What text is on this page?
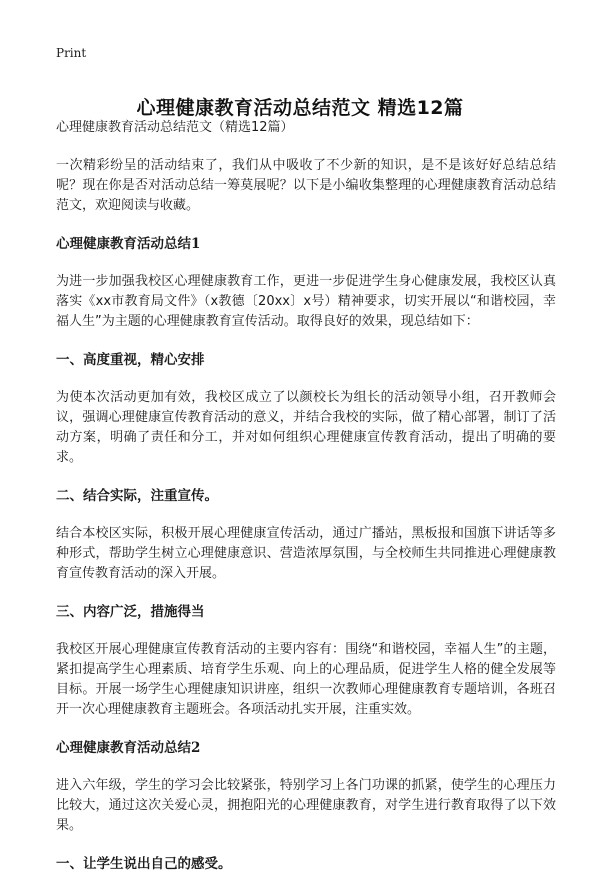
Print
心理健康教育活动总结范文 精选12篇
心理健康教育活动总结范文（精选12篇）

一次精彩纷呈的活动结束了，我们从中吸收了不少新的知识，是不是该好好总结总结呢？现在你是否对活动总结一筹莫展呢？以下是小编收集整理的心理健康教育活动总结范文，欢迎阅读与收藏。

心理健康教育活动总结1

为进一步加强我校区心理健康教育工作，更进一步促进学生身心健康发展，我校区认真落实《xx市教育局文件》（x教德〔20xx〕x号）精神要求，切实开展以“和谐校园，幸福人生”为主题的心理健康教育宣传活动。取得良好的效果，现总结如下：

一、高度重视，精心安排

为使本次活动更加有效，我校区成立了以颜校长为组长的活动领导小组，召开教师会议，强调心理健康宣传教育活动的意义，并结合我校的实际，做了精心部署，制订了活动方案，明确了责任和分工，并对如何组织心理健康宣传教育活动，提出了明确的要求。

二、结合实际，注重宣传。

结合本校区实际，积极开展心理健康宣传活动，通过广播站，黑板报和国旗下讲话等多种形式，帮助学生树立心理健康意识、营造浓厚氛围，与全校师生共同推进心理健康教育宣传教育活动的深入开展。

三、内容广泛，措施得当

我校区开展心理健康宣传教育活动的主要内容有：围绕“和谐校园，幸福人生”的主题，紧扣提高学生心理素质、培育学生乐观、向上的心理品质，促进学生人格的健全发展等目标。开展一场学生心理健康知识讲座，组织一次教师心理健康教育专题培训，各班召开一次心理健康教育主题班会。各项活动扎实开展，注重实效。

心理健康教育活动总结2

进入六年级，学生的学习会比较紧张，特别学习上各门功课的抓紧，使学生的心理压力比较大，通过这次关爱心灵，拥抱阳光的心理健康教育，对学生进行教育取得了以下效果。

一、让学生说出自己的感受。
